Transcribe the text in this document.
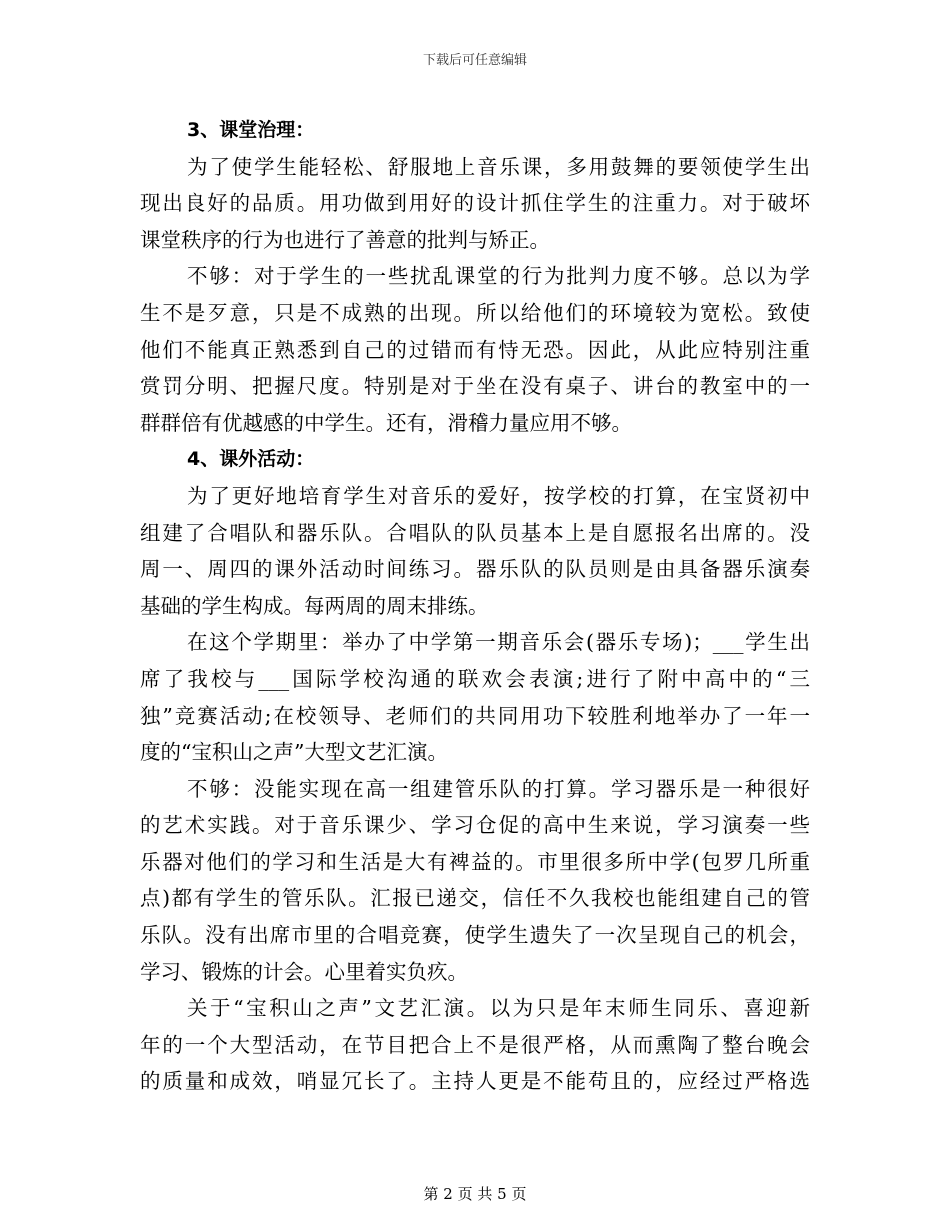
下载后可任意编辑
3、课堂治理：
为了使学生能轻松、舒服地上音乐课，多用鼓舞的要领使学生出
现出良好的品质。用功做到用好的设计抓住学生的注重力。对于破坏
课堂秩序的行为也进行了善意的批判与矫正。
不够：对于学生的一些扰乱课堂的行为批判力度不够。总以为学
生不是歹意，只是不成熟的出现。所以给他们的环境较为宽松。致使
他们不能真正熟悉到自己的过错而有恃无恐。因此，从此应特别注重
赏罚分明、把握尺度。特别是对于坐在没有桌子、讲台的教室中的一
群群倍有优越感的中学生。还有，滑稽力量应用不够。
4、课外活动：
为了更好地培育学生对音乐的爱好，按学校的打算，在宝贤初中
组建了合唱队和器乐队。合唱队的队员基本上是自愿报名出席的。没
周一、周四的课外活动时间练习。器乐队的队员则是由具备器乐演奏
基础的学生构成。每两周的周末排练。
在这个学期里：举办了中学第一期音乐会(器乐专场)；___学生出
席了我校与___国际学校沟通的联欢会表演;进行了附中高中的“三
独”竞赛活动;在校领导、老师们的共同用功下较胜利地举办了一年一
度的“宝积山之声”大型文艺汇演。
不够：没能实现在高一组建管乐队的打算。学习器乐是一种很好
的艺术实践。对于音乐课少、学习仓促的高中生来说，学习演奏一些
乐器对他们的学习和生活是大有裨益的。市里很多所中学(包罗几所重
点)都有学生的管乐队。汇报已递交，信任不久我校也能组建自己的管
乐队。没有出席市里的合唱竞赛，使学生遗失了一次呈现自己的机会，
学习、锻炼的计会。心里着实负疚。
关于“宝积山之声”文艺汇演。以为只是年末师生同乐、喜迎新
年的一个大型活动，在节目把合上不是很严格，从而熏陶了整台晚会
的质量和成效，哨显冗长了。主持人更是不能苟且的，应经过严格选
第 2 页 共 5 页
